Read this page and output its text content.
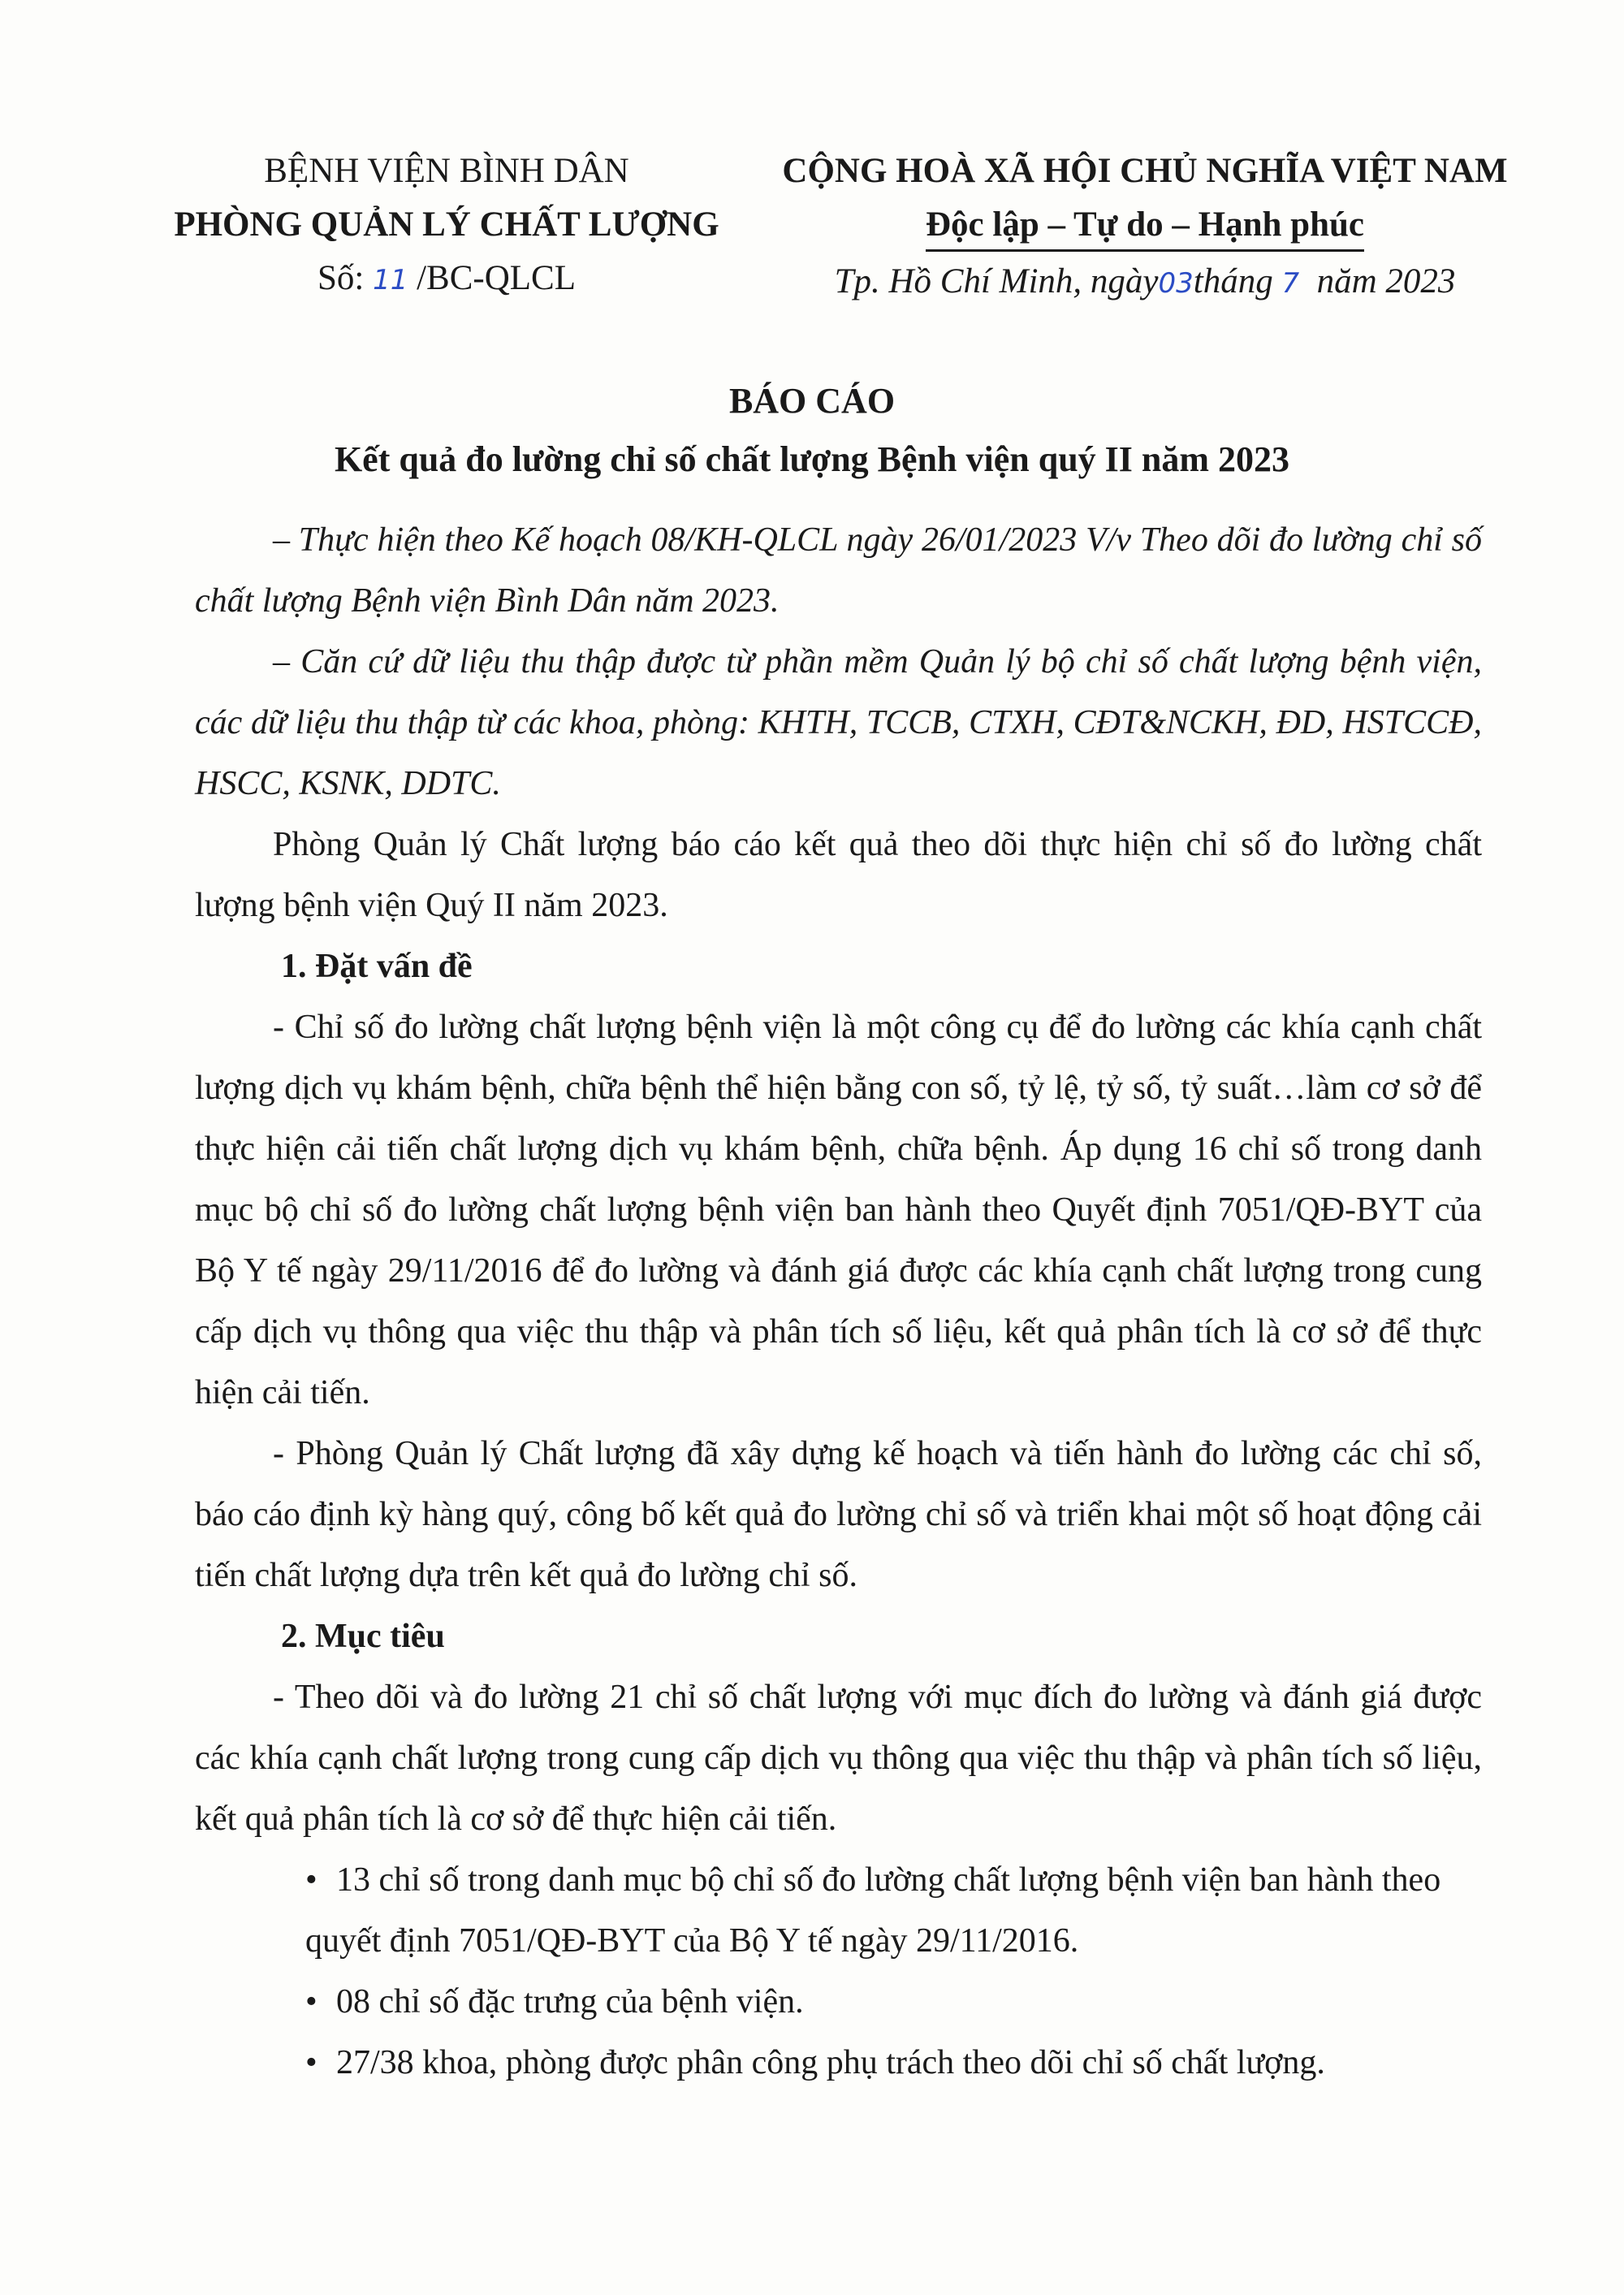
BỆNH VIỆN BÌNH DÂN
PHÒNG QUẢN LÝ CHẤT LƯỢNG
Số: 11 /BC-QLCL
CỘNG HOÀ XÃ HỘI CHỦ NGHĨA VIỆT NAM
Độc lập – Tự do – Hạnh phúc
Tp. Hồ Chí Minh, ngày03tháng 7 năm 2023
BÁO CÁO
Kết quả đo lường chỉ số chất lượng Bệnh viện quý II năm 2023

– Thực hiện theo Kế hoạch 08/KH-QLCL ngày 26/01/2023 V/v Theo dõi đo lường chỉ số chất lượng Bệnh viện Bình Dân năm 2023.

– Căn cứ dữ liệu thu thập được từ phần mềm Quản lý bộ chỉ số chất lượng bệnh viện, các dữ liệu thu thập từ các khoa, phòng: KHTH, TCCB, CTXH, CĐT&NCKH, ĐD, HSTCCĐ, HSCC, KSNK, DDTC.

Phòng Quản lý Chất lượng báo cáo kết quả theo dõi thực hiện chỉ số đo lường chất lượng bệnh viện Quý II năm 2023.

1. Đặt vấn đề

- Chỉ số đo lường chất lượng bệnh viện là một công cụ để đo lường các khía cạnh chất lượng dịch vụ khám bệnh, chữa bệnh thể hiện bằng con số, tỷ lệ, tỷ số, tỷ suất…làm cơ sở để thực hiện cải tiến chất lượng dịch vụ khám bệnh, chữa bệnh. Áp dụng 16 chỉ số trong danh mục bộ chỉ số đo lường chất lượng bệnh viện ban hành theo Quyết định 7051/QĐ-BYT của Bộ Y tế ngày 29/11/2016 để đo lường và đánh giá được các khía cạnh chất lượng trong cung cấp dịch vụ thông qua việc thu thập và phân tích số liệu, kết quả phân tích là cơ sở để thực hiện cải tiến.

- Phòng Quản lý Chất lượng đã xây dựng kế hoạch và tiến hành đo lường các chỉ số, báo cáo định kỳ hàng quý, công bố kết quả đo lường chỉ số và triển khai một số hoạt động cải tiến chất lượng dựa trên kết quả đo lường chỉ số.

2. Mục tiêu

- Theo dõi và đo lường 21 chỉ số chất lượng với mục đích đo lường và đánh giá được các khía cạnh chất lượng trong cung cấp dịch vụ thông qua việc thu thập và phân tích số liệu, kết quả phân tích là cơ sở để thực hiện cải tiến.

• 13 chỉ số trong danh mục bộ chỉ số đo lường chất lượng bệnh viện ban hành theo
quyết định 7051/QĐ-BYT của Bộ Y tế ngày 29/11/2016.
• 08 chỉ số đặc trưng của bệnh viện.
• 27/38 khoa, phòng được phân công phụ trách theo dõi chỉ số chất lượng.
